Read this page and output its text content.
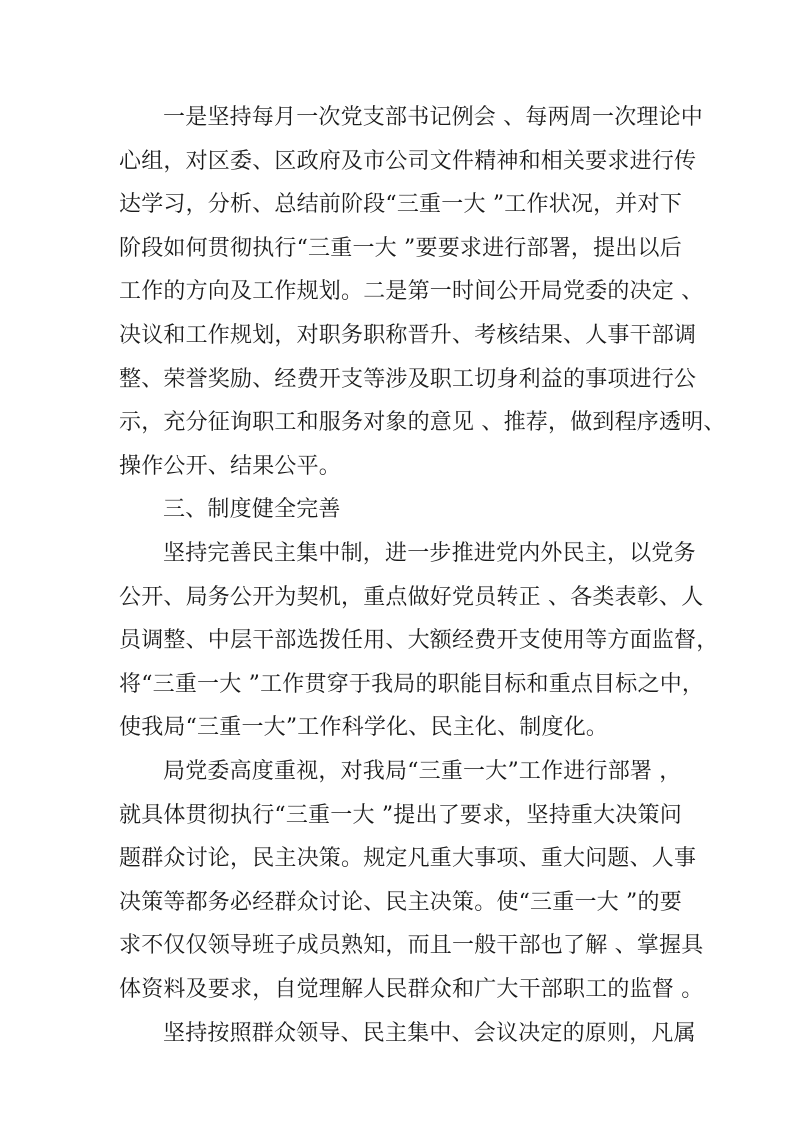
一是坚持每月一次党支部书记例会 、每两周一次理论中
心组，对区委、区政府及市公司文件精神和相关要求进行传
达学习，分析、总结前阶段“三重一大 ”工作状况，并对下
阶段如何贯彻执行“三重一大 ”要要求进行部署，提出以后
工作的方向及工作规划。二是第一时间公开局党委的决定 、
决议和工作规划，对职务职称晋升、考核结果、人事干部调
整、荣誉奖励、经费开支等涉及职工切身利益的事项进行公
示，充分征询职工和服务对象的意见 、推荐，做到程序透明、
操作公开、结果公平。
三、制度健全完善
坚持完善民主集中制，进一步推进党内外民主，以党务
公开、局务公开为契机，重点做好党员转正 、各类表彰、人
员调整、中层干部选拨任用、大额经费开支使用等方面监督，
将“三重一大 ”工作贯穿于我局的职能目标和重点目标之中，
使我局“三重一大”工作科学化、民主化、制度化。
局党委高度重视，对我局“三重一大”工作进行部署 ，
就具体贯彻执行“三重一大 ”提出了要求，坚持重大决策问
题群众讨论，民主决策。规定凡重大事项、重大问题、人事
决策等都务必经群众讨论、民主决策。使“三重一大 ”的要
求不仅仅领导班子成员熟知，而且一般干部也了解 、掌握具
体资料及要求，自觉理解人民群众和广大干部职工的监督 。
坚持按照群众领导、民主集中、会议决定的原则，凡属
